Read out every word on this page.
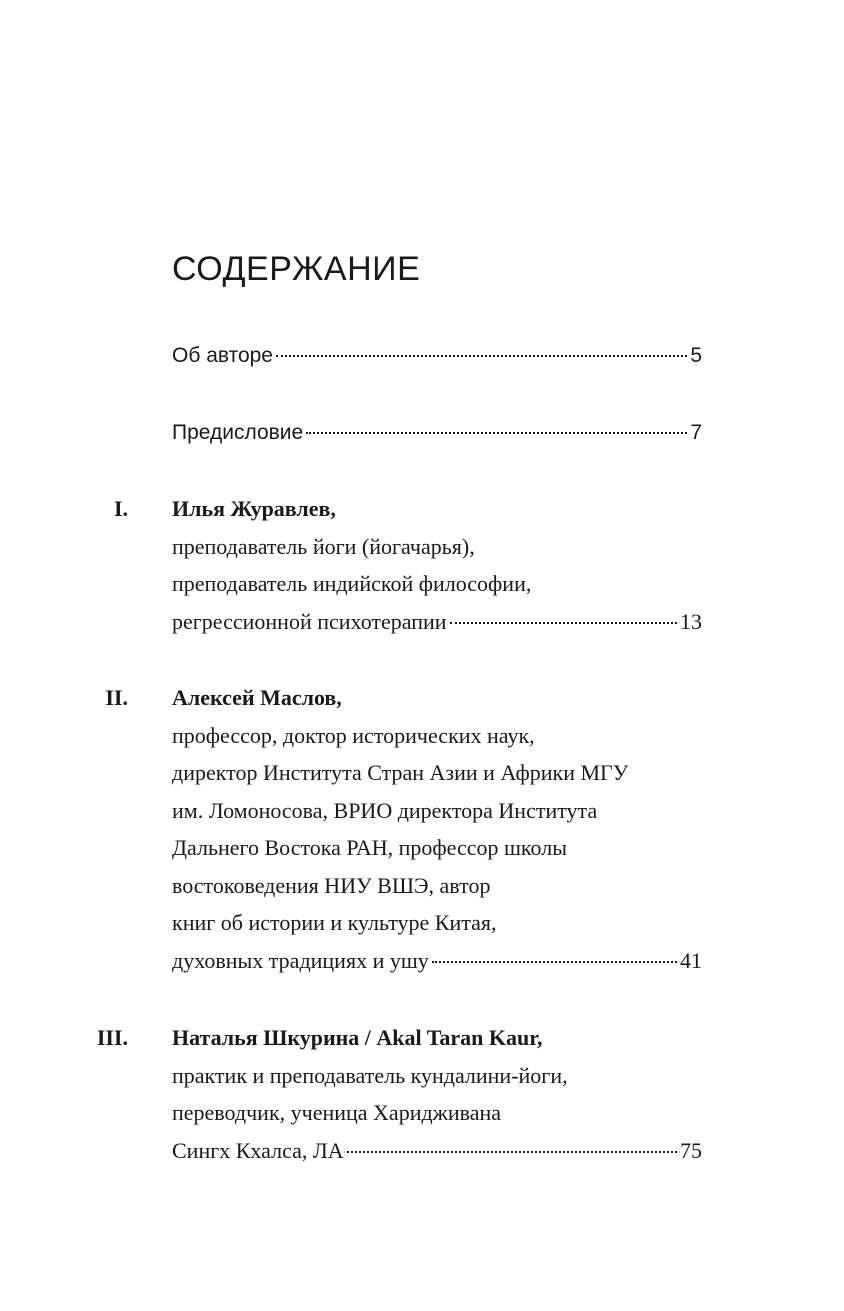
СОДЕРЖАНИЕ
Об авторе	5
Предисловие	7
I. Илья Журавлев,
преподаватель йоги (йогачарья),
преподаватель индийской философии,
регрессионной психотерапии	13
II. Алексей Маслов,
профессор, доктор исторических наук,
директор Института Стран Азии и Африки МГУ
им. Ломоносова, ВРИО директора Института
Дальнего Востока РАН, профессор школы
востоковедения НИУ ВШЭ, автор
книг об истории и культуре Китая,
духовных традициях и ушу	41
III. Наталья Шкурина / Akal Taran Kaur,
практик и преподаватель кундалини-йоги,
переводчик, ученица Харидживана
Сингх Кхалса, ЛА	75
